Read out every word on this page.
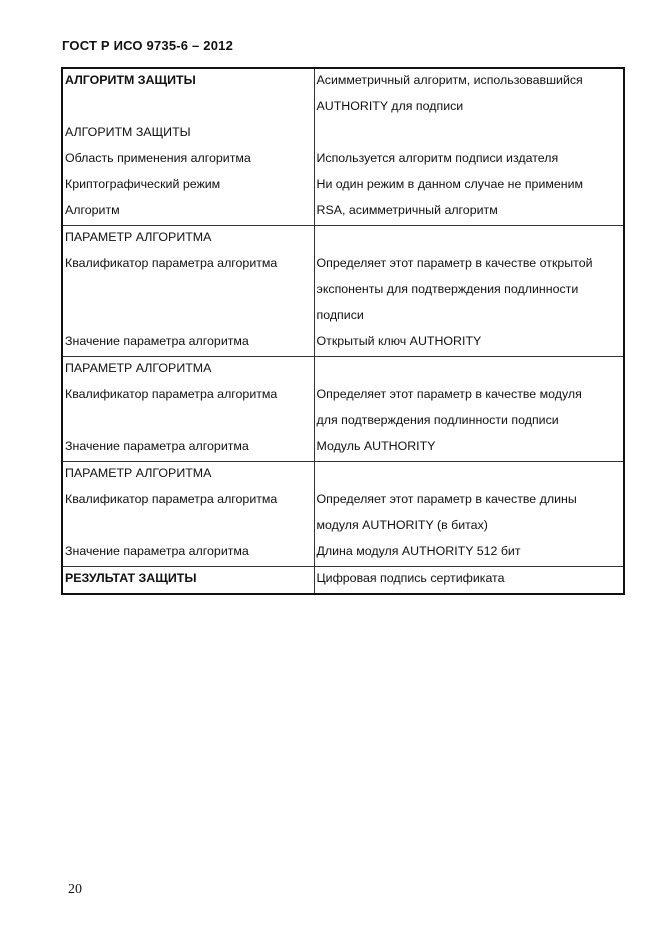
ГОСТ Р ИСО 9735-6 – 2012
АЛГОРИТМ ЗАЩИТЫ	Асимметричный алгоритм, использовавшийся
AUTHORITY для подписи

АЛГОРИТМ ЗАЩИТЫ	

Область применения алгоритма	Используется алгоритм подписи издателя

Криптографический режим	Ни один режим в данном случае не применим

Алгоритм	RSA, асимметричный алгоритм

ПАРАМЕТР АЛГОРИТМА	

Квалификатор параметра алгоритма	Определяет этот параметр в качестве открытой
экспоненты для подтверждения подлинности
подписи

Значение параметра алгоритма	Открытый ключ AUTHORITY

ПАРАМЕТР АЛГОРИТМА	

Квалификатор параметра алгоритма	Определяет этот параметр в качестве модуля
для подтверждения подлинности подписи

Значение параметра алгоритма	Модуль AUTHORITY

ПАРАМЕТР АЛГОРИТМА	

Квалификатор параметра алгоритма	Определяет этот параметр в качестве длины
модуля AUTHORITY (в битах)

Значение параметра алгоритма	Длина модуля AUTHORITY 512 бит

РЕЗУЛЬТАТ ЗАЩИТЫ	Цифровая подпись сертификата
20
